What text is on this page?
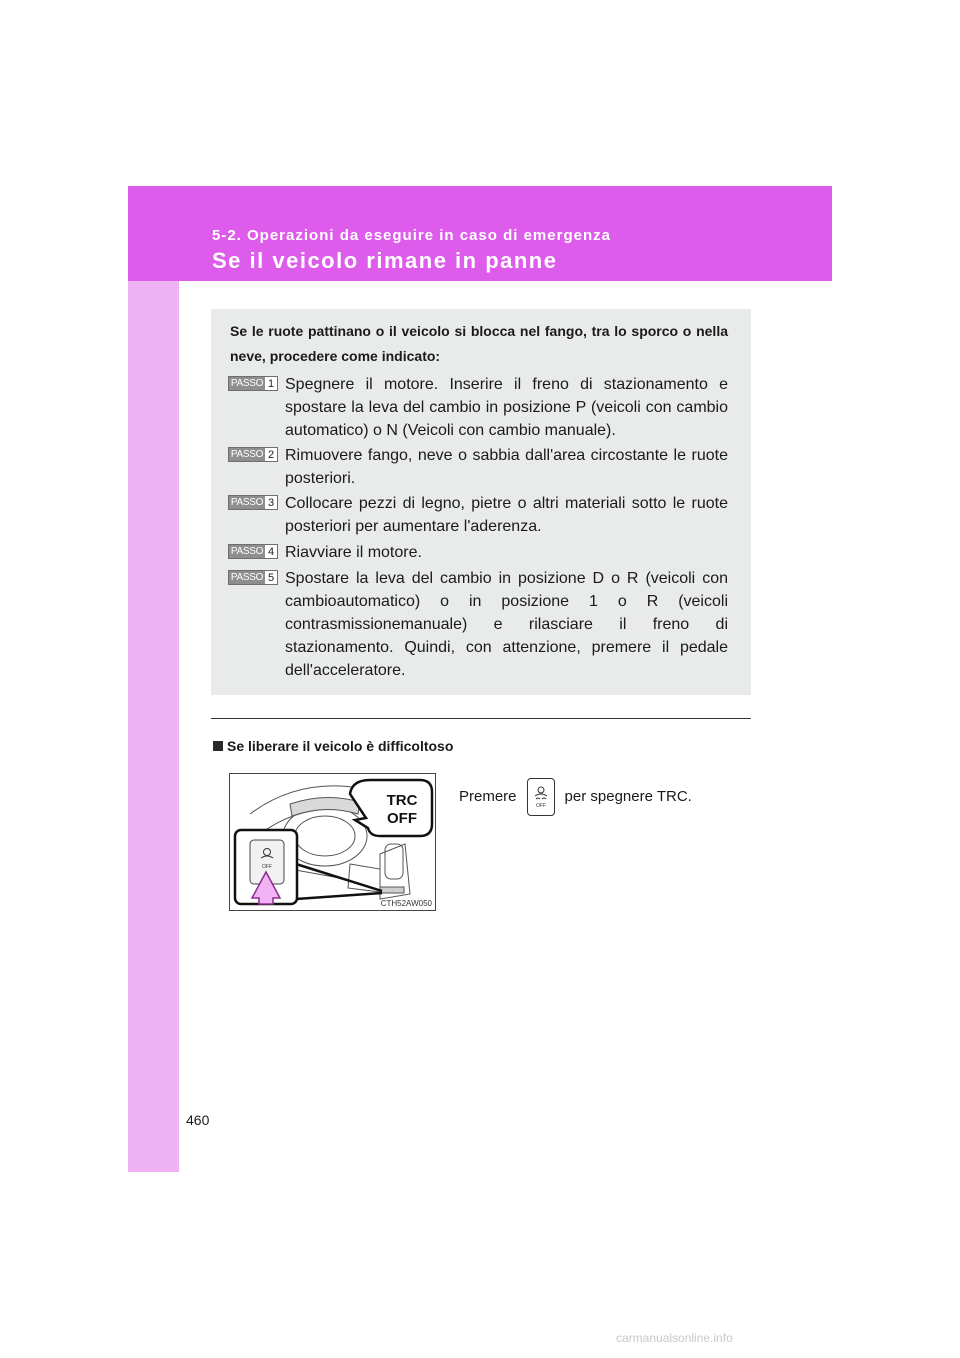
5-2. Operazioni da eseguire in caso di emergenza
Se il veicolo rimane in panne
Se le ruote pattinano o il veicolo si blocca nel fango, tra lo sporco o nella neve, procedere come indicato:
PASSO 1 Spegnere il motore. Inserire il freno di stazionamento e spostare la leva del cambio in posizione P (veicoli con cambio automatico) o N (Veicoli con cambio manuale).
PASSO 2 Rimuovere fango, neve o sabbia dall'area circostante le ruote posteriori.
PASSO 3 Collocare pezzi di legno, pietre o altri materiali sotto le ruote posteriori per aumentare l'aderenza.
PASSO 4 Riavviare il motore.
PASSO 5 Spostare la leva del cambio in posizione D o R (veicoli con cambioautomatico) o in posizione 1 o R (veicoli contrasmissionemanuale) e rilasciare il freno di stazionamento. Quindi, con attenzione, premere il pedale dell'acceleratore.
Se liberare il veicolo è difficoltoso
TRC
OFF
OFF
CTH52AW050
Premere
OFF
per spegnere TRC.
460
carmanualsonline.info
